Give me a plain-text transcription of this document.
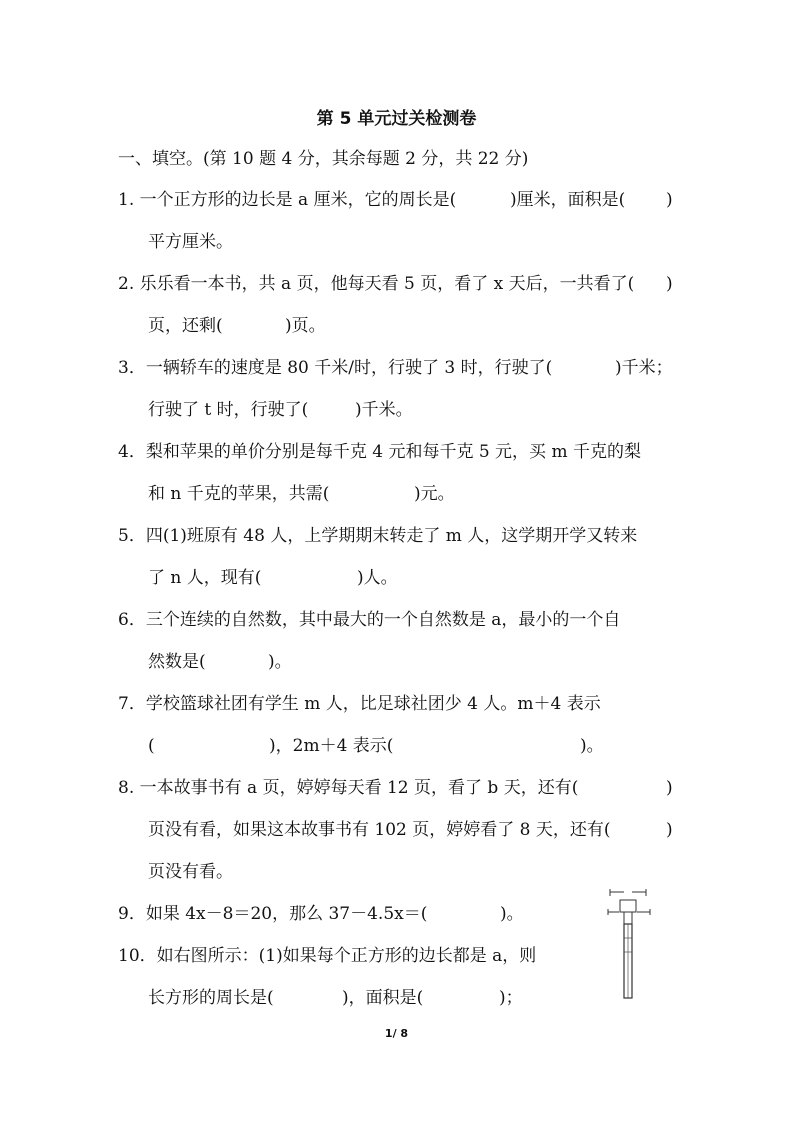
第 5 单元过关检测卷
一、填空。(第 10 题 4 分，其余每题 2 分，共 22 分)
1. 一个正方形的边长是 a 厘米，它的周长是(	)厘米，面积是( )
平方厘米。
2. 乐乐看一本书，共 a 页，他每天看 5 页，看了 x 天后，一共看了( )
页，还剩(	)页。
3．一辆轿车的速度是 80 千米/时，行驶了 3 时，行驶了(	)千米；
行驶了 t 时，行驶了(	)千米。
4．梨和苹果的单价分别是每千克 4 元和每千克 5 元，买 m 千克的梨
和 n 千克的苹果，共需(	)元。
5．四(1)班原有 48 人，上学期期末转走了 m 人，这学期开学又转来
了 n 人，现有(	)人。
6．三个连续的自然数，其中最大的一个自然数是 a，最小的一个自
然数是(	)。
7．学校篮球社团有学生 m 人，比足球社团少 4 人。m＋4 表示
(	)，2m＋4 表示(	)。
8. 一本故事书有 a 页，婷婷每天看 12 页，看了 b 天，还有(	)
页没有看，如果这本故事书有 102 页，婷婷看了 8 天，还有(	)
页没有看。
9．如果 4x－8＝20，那么 37－4.5x＝(	)。
10．如右图所示：(1)如果每个正方形的边长都是 a，则
长方形的周长是(	)，面积是(	)；
1/ 8
